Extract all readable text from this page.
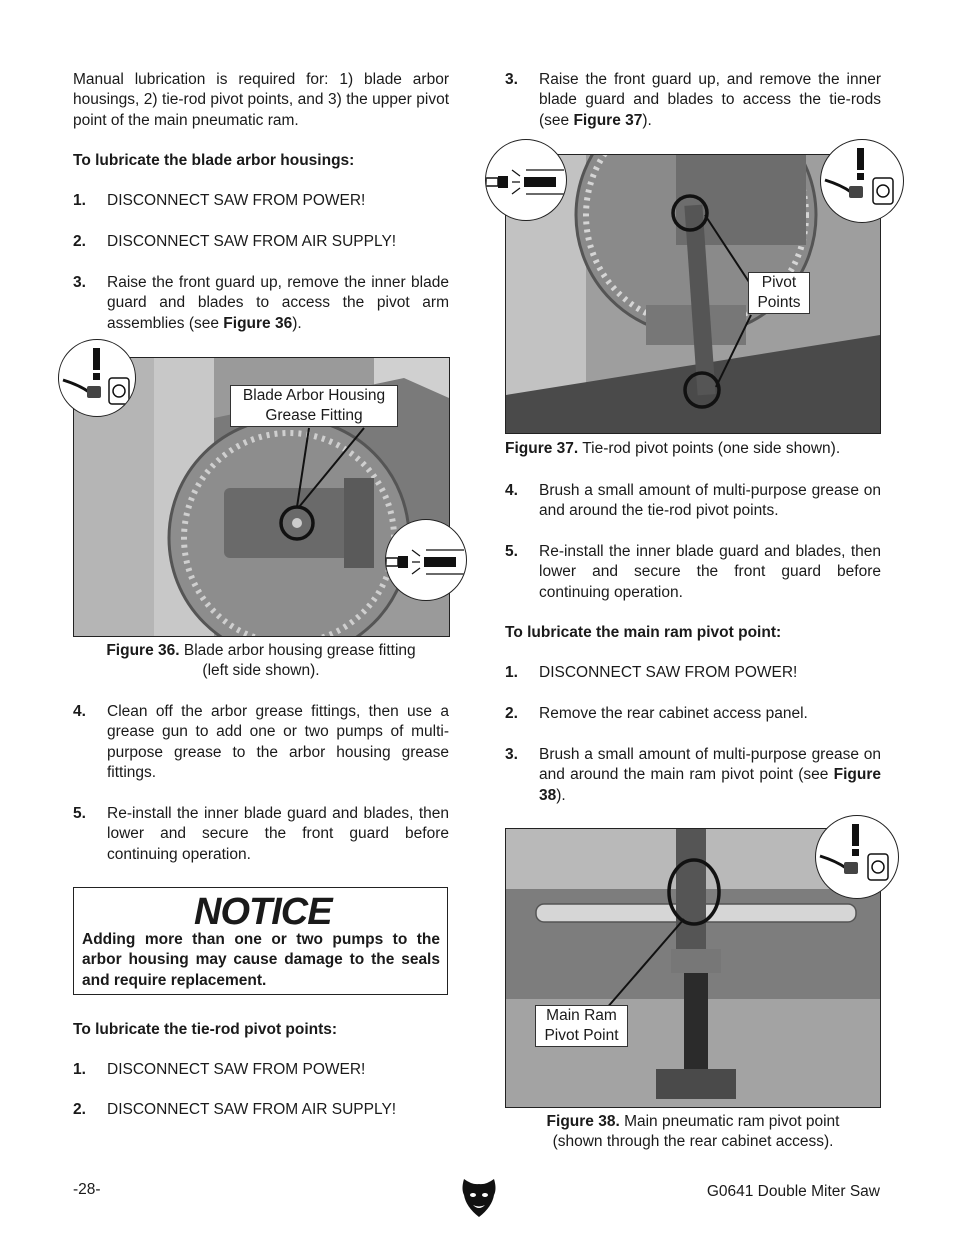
Manual lubrication is required for: 1) blade arbor housings, 2) tie-rod pivot points, and 3) the upper pivot point of the main pneumatic ram.
To lubricate the blade arbor housings:
1. DISCONNECT SAW FROM POWER!
2. DISCONNECT SAW FROM AIR SUPPLY!
3. Raise the front guard up, remove the inner blade guard and blades to access the pivot arm assemblies (see Figure 36).
Blade Arbor Housing
Grease Fitting
Figure 36. Blade arbor housing grease fitting
(left side shown).
4. Clean off the arbor grease fittings, then use a grease gun to add one or two pumps of multi-purpose grease to the arbor housing grease fittings.
5. Re-install the inner blade guard and blades, then lower and secure the front guard before continuing operation.
NOTICE
Adding more than one or two pumps to the arbor housing may cause damage to the seals and require replacement.
To lubricate the tie-rod pivot points:
1. DISCONNECT SAW FROM POWER!
2. DISCONNECT SAW FROM AIR SUPPLY!
3. Raise the front guard up, and remove the inner blade guard and blades to access the tie-rods (see Figure 37).
Pivot
Points
Figure 37. Tie-rod pivot points (one side shown).
4. Brush a small amount of multi-purpose grease on and around the tie-rod pivot points.
5. Re-install the inner blade guard and blades, then lower and secure the front guard before continuing operation.
To lubricate the main ram pivot point:
1. DISCONNECT SAW FROM POWER!
2. Remove the rear cabinet access panel.
3. Brush a small amount of multi-purpose grease on and around the main ram pivot point (see Figure 38).
Main Ram
Pivot Point
Figure 38. Main pneumatic ram pivot point
(shown through the rear cabinet access).
-28-	G0641 Double Miter Saw
